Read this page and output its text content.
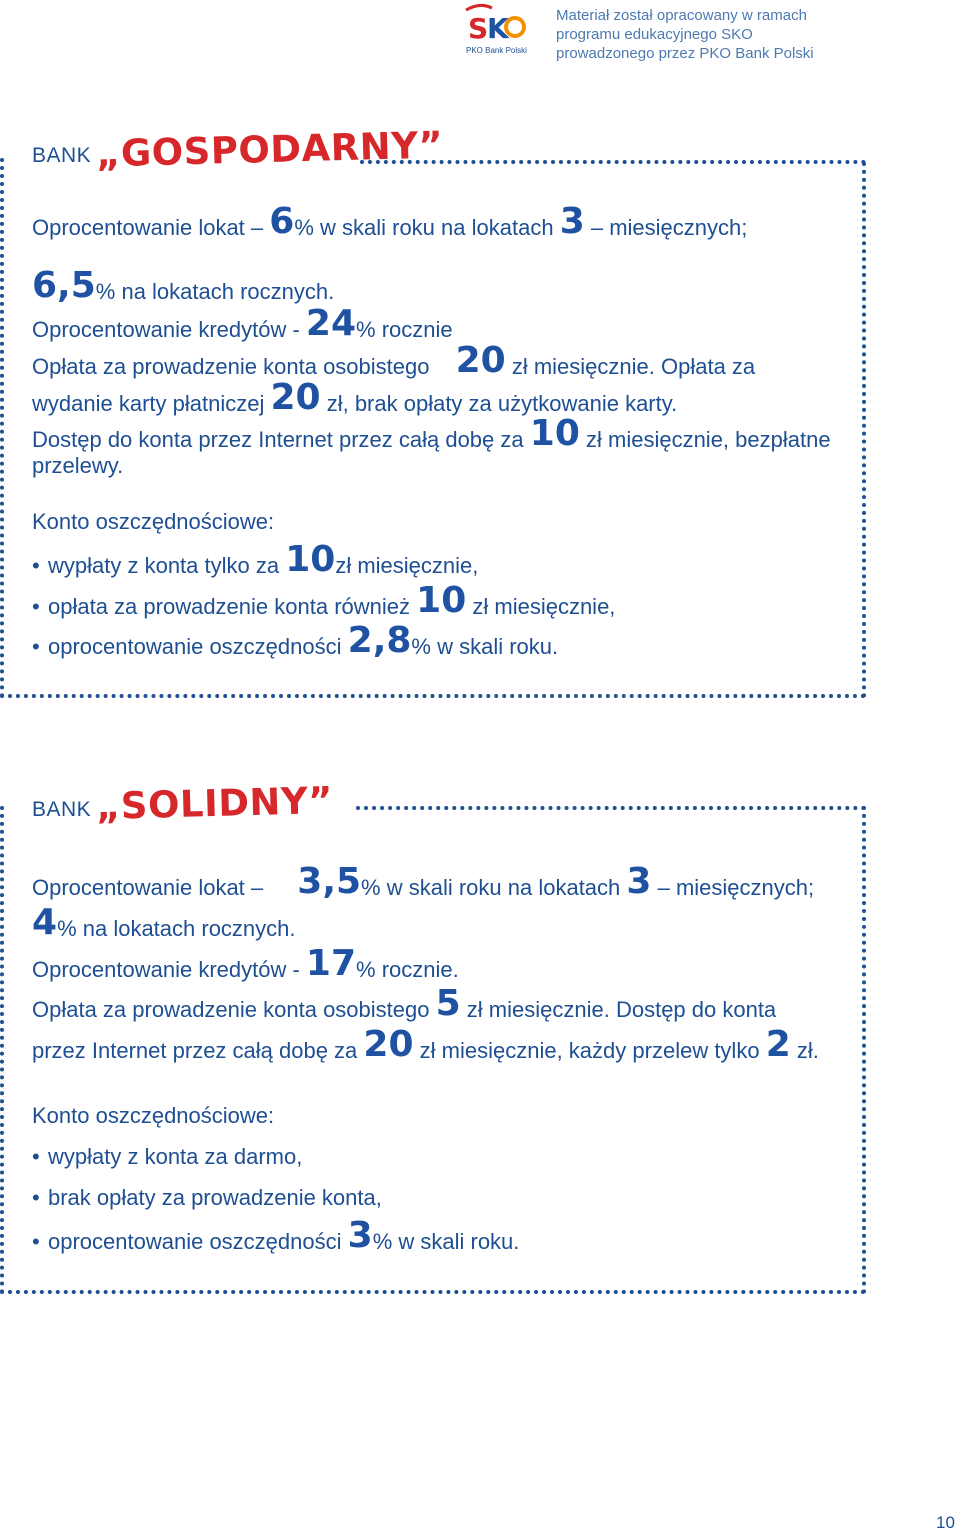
S
K
PKO Bank Polski
Materiał został opracowany w ramach
programu edukacyjnego SKO
prowadzonego przez PKO Bank Polski
BANK „GOSPODARNY”
Oprocentowanie lokat – 6% w skali roku na lokatach 3 – miesięcznych;
6,5% na lokatach rocznych.
Oprocentowanie kredytów - 24% rocznie
Opłata za prowadzenie konta osobistego 20 zł miesięcznie. Opłata za
wydanie karty płatniczej 20 zł, brak opłaty za użytkowanie karty.
Dostęp do konta przez Internet przez całą dobę za 10 zł miesięcznie, bezpłatne
przelewy.
Konto oszczędnościowe:
• wypłaty z konta tylko za 10zł miesięcznie,
• opłata za prowadzenie konta również 10 zł miesięcznie,
• oprocentowanie oszczędności 2,8% w skali roku.
BANK „SOLIDNY”
Oprocentowanie lokat – 3,5% w skali roku na lokatach 3 – miesięcznych;
4% na lokatach rocznych.
Oprocentowanie kredytów - 17% rocznie.
Opłata za prowadzenie konta osobistego 5 zł miesięcznie. Dostęp do konta
przez Internet przez całą dobę za 20 zł miesięcznie, każdy przelew tylko 2 zł.
Konto oszczędnościowe:
• wypłaty z konta za darmo,
• brak opłaty za prowadzenie konta,
• oprocentowanie oszczędności 3% w skali roku.
10
